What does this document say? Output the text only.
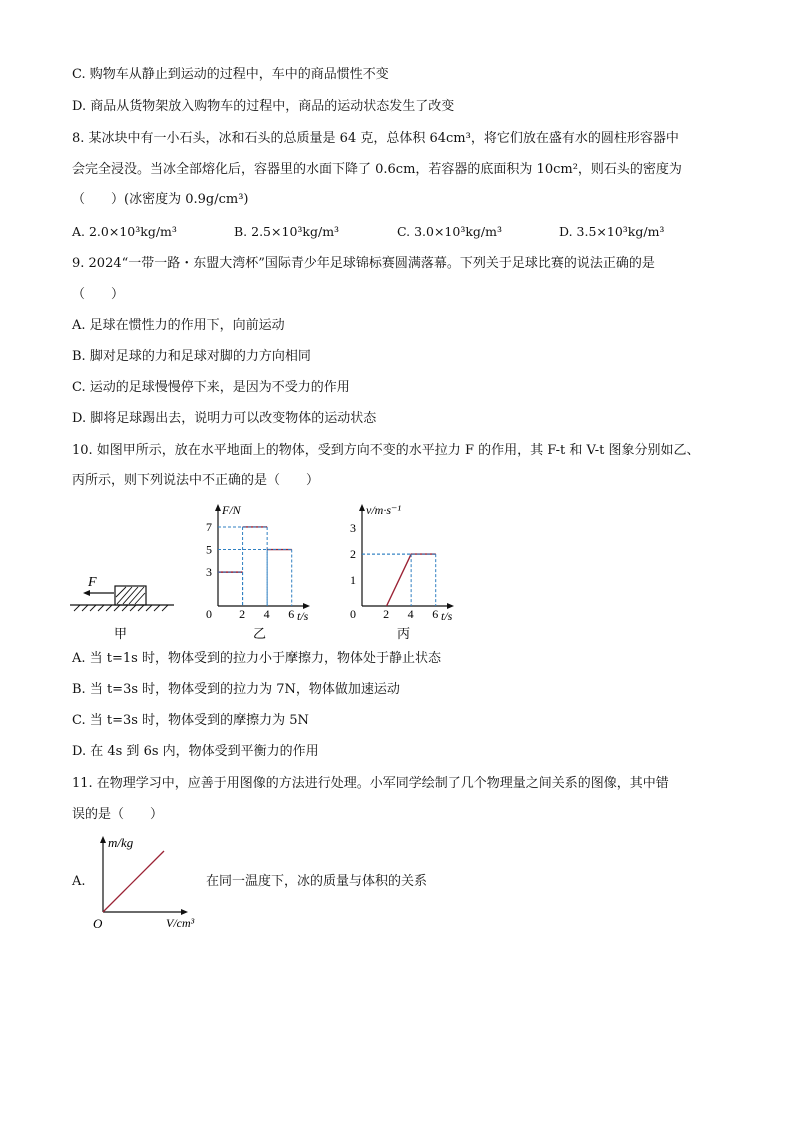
C. 购物车从静止到运动的过程中，车中的商品惯性不变
D. 商品从货物架放入购物车的过程中，商品的运动状态发生了改变
8. 某冰块中有一小石头，冰和石头的总质量是 64 克，总体积 64cm³，将它们放在盛有水的圆柱形容器中
会完全浸没。当冰全部熔化后，容器里的水面下降了 0.6cm，若容器的底面积为 10cm²，则石头的密度为
（　　）(冰密度为 0.9g/cm³)
A. 2.0×10³kg/m³	B. 2.5×10³kg/m³	C. 3.0×10³kg/m³	D. 3.5×10³kg/m³
9. 2024“一带一路・东盟大湾杯”国际青少年足球锦标赛圆满落幕。下列关于足球比赛的说法正确的是
（　　）
A. 足球在惯性力的作用下，向前运动
B. 脚对足球的力和足球对脚的力方向相同
C. 运动的足球慢慢停下来，是因为不受力的作用
D. 脚将足球踢出去，说明力可以改变物体的运动状态
10. 如图甲所示，放在水平地面上的物体，受到方向不变的水平拉力 F 的作用，其 F-t 和 V-t 图象分别如乙、
丙所示，则下列说法中不正确的是（　　）
F
甲
F/N
t/s
0 2 4 6
3
5
7
乙
v/m·s⁻¹
t/s
0 2 4 6
1
2
3
丙
A. 当 t=1s 时，物体受到的拉力小于摩擦力，物体处于静止状态
B. 当 t=3s 时，物体受到的拉力为 7N，物体做加速运动
C. 当 t=3s 时，物体受到的摩擦力为 5N
D. 在 4s 到 6s 内，物体受到平衡力的作用
11. 在物理学习中，应善于用图像的方法进行处理。小军同学绘制了几个物理量之间关系的图像，其中错
误的是（　　）
A.
m/kg
V/cm³
O
在同一温度下，冰的质量与体积的关系
